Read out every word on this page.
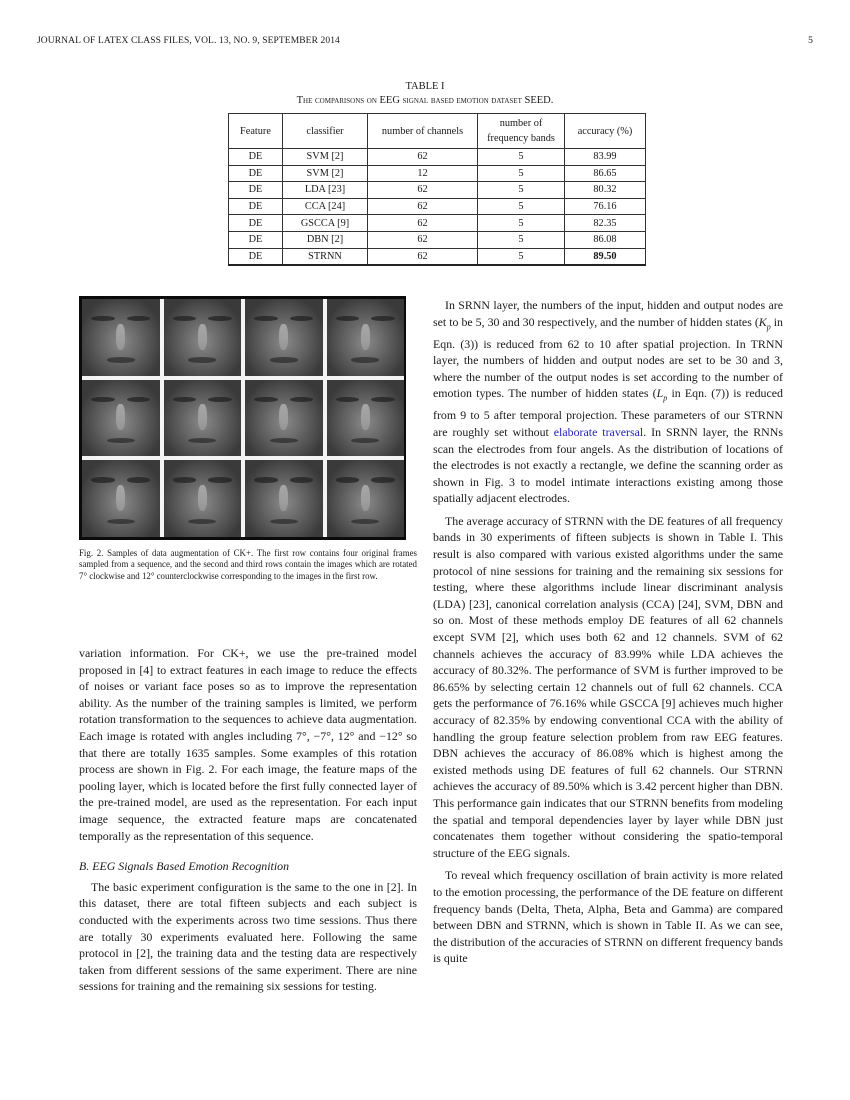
JOURNAL OF LATEX CLASS FILES, VOL. 13, NO. 9, SEPTEMBER 2014	5
TABLE I
The comparisons on EEG signal based emotion dataset SEED.
Feature	classifier	number of channels	number of frequency bands	accuracy (%)
DE	SVM [2]	62	5	83.99
DE	SVM [2]	12	5	86.65
DE	LDA [23]	62	5	80.32
DE	CCA [24]	62	5	76.16
DE	GSCCA [9]	62	5	82.35
DE	DBN [2]	62	5	86.08
DE	STRNN	62	5	89.50
Fig. 2. Samples of data augmentation of CK+. The first row contains four original frames sampled from a sequence, and the second and third rows contain the images which are rotated 7° clockwise and 12° counterclockwise corresponding to the images in the first row.

variation information. For CK+, we use the pre-trained model proposed in [4] to extract features in each image to reduce the effects of noises or variant face poses so as to improve the representation ability. As the number of the training samples is limited, we perform rotation transformation to the sequences to achieve data augmentation. Each image is rotated with angles including 7°, −7°, 12° and −12° so that there are totally 1635 samples. Some examples of this rotation process are shown in Fig. 2. For each image, the feature maps of the pooling layer, which is located before the first fully connected layer of the pre-trained model, are used as the representation. For each input image sequence, the extracted feature maps are concatenated temporally as the representation of this sequence.

B. EEG Signals Based Emotion Recognition

The basic experiment configuration is the same to the one in [2]. In this dataset, there are total fifteen subjects and each subject is conducted with the experiments across two time sessions. Thus there are totally 30 experiments evaluated here. Following the same protocol in [2], the training data and the testing data are respectively taken from different sessions of the same experiment. There are nine sessions for training and the remaining six sessions for testing.

In SRNN layer, the numbers of the input, hidden and output nodes are set to be 5, 30 and 30 respectively, and the number of hidden states ($K_p$ in Eqn. (3)) is reduced from 62 to 10 after spatial projection. In TRNN layer, the numbers of hidden and output nodes are set to be 30 and 3, where the number of the output nodes is set according to the number of emotion types. The number of hidden states ($L_p$ in Eqn. (7)) is reduced from 9 to 5 after temporal projection. These parameters of our STRNN are roughly set without elaborate traversal. In SRNN layer, the RNNs scan the electrodes from four angels. As the distribution of locations of the electrodes is not exactly a rectangle, we define the scanning order as shown in Fig. 3 to model intimate interactions existing among those spatially adjacent electrodes.

The average accuracy of STRNN with the DE features of all frequency bands in 30 experiments of fifteen subjects is shown in Table I. This result is also compared with various existed algorithms under the same protocol of nine sessions for training and the remaining six sessions for testing, where these algorithms include linear discriminant analysis (LDA) [23], canonical correlation analysis (CCA) [24], SVM, DBN and so on. Most of these methods employ DE features of all 62 channels except SVM [2], which uses both 62 and 12 channels. SVM of 62 channels achieves the accuracy of 83.99% while LDA achieves the accuracy of 80.32%. The performance of SVM is further improved to be 86.65% by selecting certain 12 channels out of full 62 channels. CCA gets the performance of 76.16% while GSCCA [9] achieves much higher accuracy of 82.35% by endowing conventional CCA with the ability of handling the group feature selection problem from raw EEG features. DBN achieves the accuracy of 86.08% which is highest among the existed methods using DE features of full 62 channels. Our STRNN achieves the accuracy of 89.50% which is 3.42 percent higher than DBN. This performance gain indicates that our STRNN benefits from modeling the spatial and temporal dependencies layer by layer while DBN just concatenates them together without considering the spatio-temporal structure of the EEG signals.

To reveal which frequency oscillation of brain activity is more related to the emotion processing, the performance of the DE feature on different frequency bands (Delta, Theta, Alpha, Beta and Gamma) are compared between DBN and STRNN, which is shown in Table II. As we can see, the distribution of the accuracies of STRNN on different frequency bands is quite
